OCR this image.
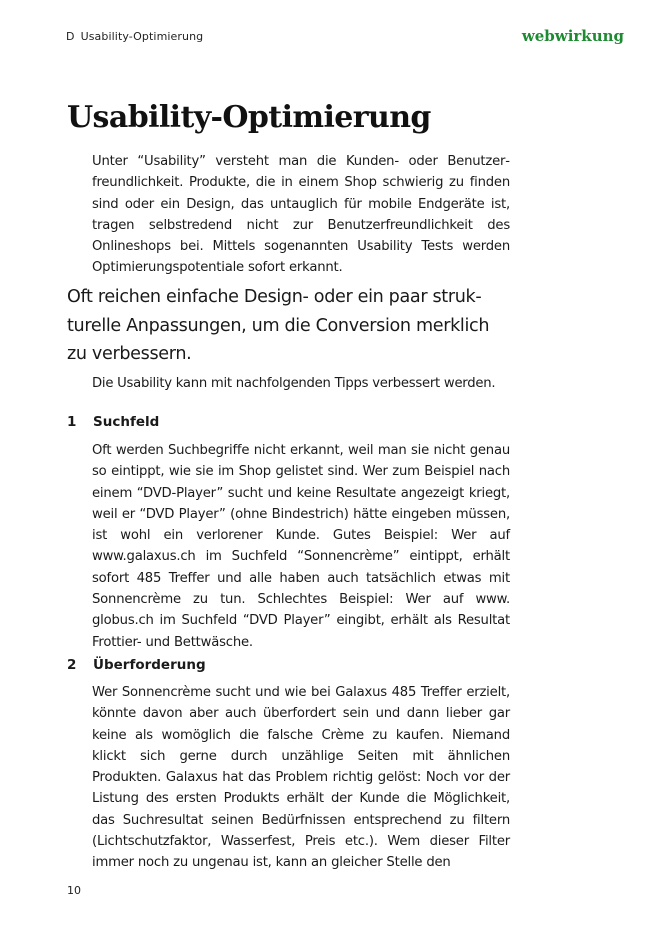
D Usability-Optimierung	webwirkung
Usability-Optimierung

Unter “Usability” versteht man die Kunden- oder Benutzerfreundlichkeit. Produkte, die in einem Shop schwierig zu finden sind oder ein Design, das untauglich für mobile Endgeräte ist, tragen selbstredend nicht zur Benutzerfreundlichkeit des Onlineshops bei. Mittels sogenannten Usability Tests werden Optimierungspotentiale sofort erkannt.

Oft reichen einfache Design- oder ein paar strukturelle Anpassungen, um die Conversion merklich zu verbessern.

Die Usability kann mit nachfolgenden Tipps verbessert werden.

1 Suchfeld

Oft werden Suchbegriffe nicht erkannt, weil man sie nicht genau so eintippt, wie sie im Shop gelistet sind. Wer zum Beispiel nach einem “DVD-Player” sucht und keine Resultate angezeigt kriegt, weil er “DVD Player” (ohne Bindestrich) hätte eingeben müssen, ist wohl ein verlorener Kunde. Gutes Beispiel: Wer auf www.galaxus.ch im Suchfeld “Sonnencrème” eintippt, erhält sofort 485 Treffer und alle haben auch tatsächlich etwas mit Sonnencrème zu tun. Schlechtes Beispiel: Wer auf www. globus.ch im Suchfeld “DVD Player” eingibt, erhält als Resultat Frottier- und Bettwäsche.

2 Überforderung

Wer Sonnencrème sucht und wie bei Galaxus 485 Treffer erzielt, könnte davon aber auch überfordert sein und dann lieber gar keine als womöglich die falsche Crème zu kaufen. Niemand klickt sich gerne durch unzählige Seiten mit ähnlichen Produkten. Galaxus hat das Problem richtig gelöst: Noch vor der Listung des ersten Produkts erhält der Kunde die Möglichkeit, das Suchresultat seinen Bedürfnissen entsprechend zu filtern (Lichtschutzfaktor, Wasserfest, Preis etc.). Wem dieser Filter immer noch zu ungenau ist, kann an gleicher Stelle den

10
